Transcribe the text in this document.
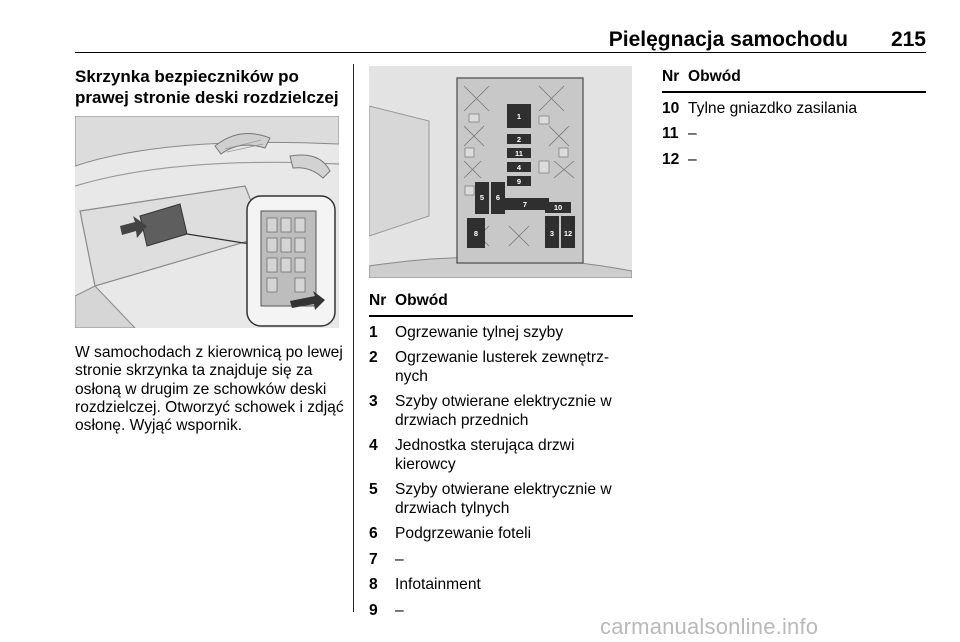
Pielęgnacja samochodu	215
Skrzynka bezpieczników po
prawej stronie deski rozdzielczej
W samochodach z kierownicą po lewej stronie skrzynka ta znajduje się za osłoną w drugim ze schowków deski rozdzielczej. Otworzyć schowek i zdjąć osłonę. Wyjąć wspornik.
1
2
11
4
6
5
9
7	10
8	3 12
Nr Obwód
1	Ogrzewanie tylnej szyby
2	Ogrzewanie lusterek zewnętrz-nych
3	Szyby otwierane elektrycznie w drzwiach przednich
4	Jednostka sterująca drzwi kierowcy
5	Szyby otwierane elektrycznie w drzwiach tylnych
6	Podgrzewanie foteli
7	–
8	Infotainment
9	–
Nr Obwód
10 Tylne gniazdko zasilania
11 –
12 –
carmanualsonline.info
